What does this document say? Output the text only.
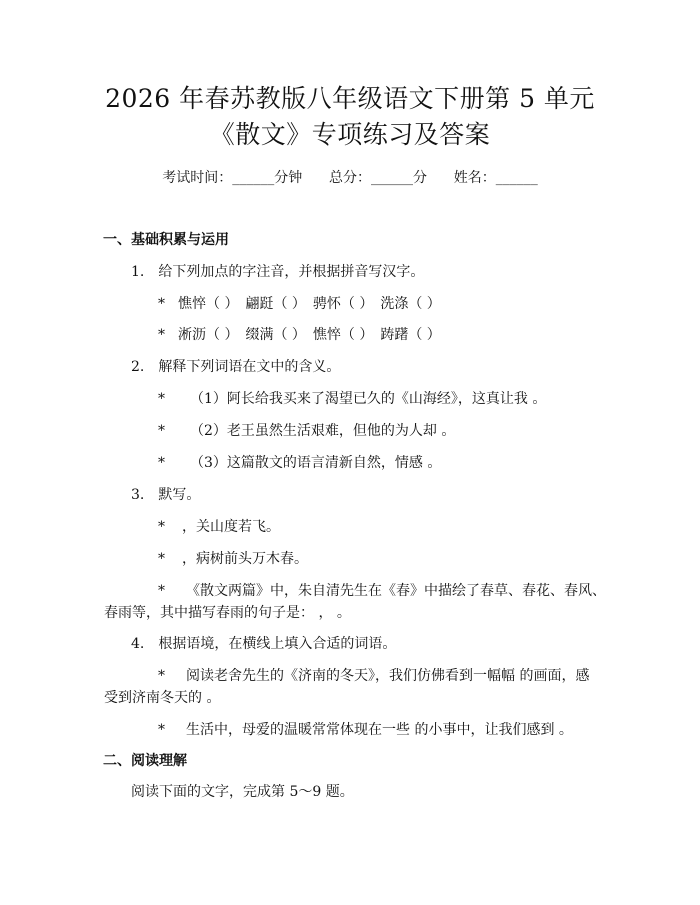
2026 年春苏教版八年级语文下册第 5 单元
《散文》专项练习及答案
考试时间：______分钟 总分：______分 姓名：______
一、基础积累与运用
1.　给下列加点的字注音，并根据拼音写汉字。
* 憔悴（ ）　翩跹（ ）　骋怀（ ）　洗涤（ ）
* 淅沥（ ）　缀满（ ）　憔悴（ ）　踌躇（ ）
2.　解释下列词语在文中的含义。
* （1）阿长给我买来了渴望已久的《山海经》，这真让我 。
* （2）老王虽然生活艰难，但他的为人却 。
* （3）这篇散文的语言清新自然，情感 。
3.　默写。
* ，关山度若飞。
* ，病树前头万木春。
* 《散文两篇》中，朱自清先生在《春》中描绘了春草、春花、春风、
春雨等，其中描写春雨的句子是： ， 。
4.　根据语境，在横线上填入合适的词语。
* 阅读老舍先生的《济南的冬天》，我们仿佛看到一幅幅 的画面，感
受到济南冬天的 。
* 生活中，母爱的温暖常常体现在一些 的小事中，让我们感到 。
二、阅读理解
阅读下面的文字，完成第 5～9 题。
